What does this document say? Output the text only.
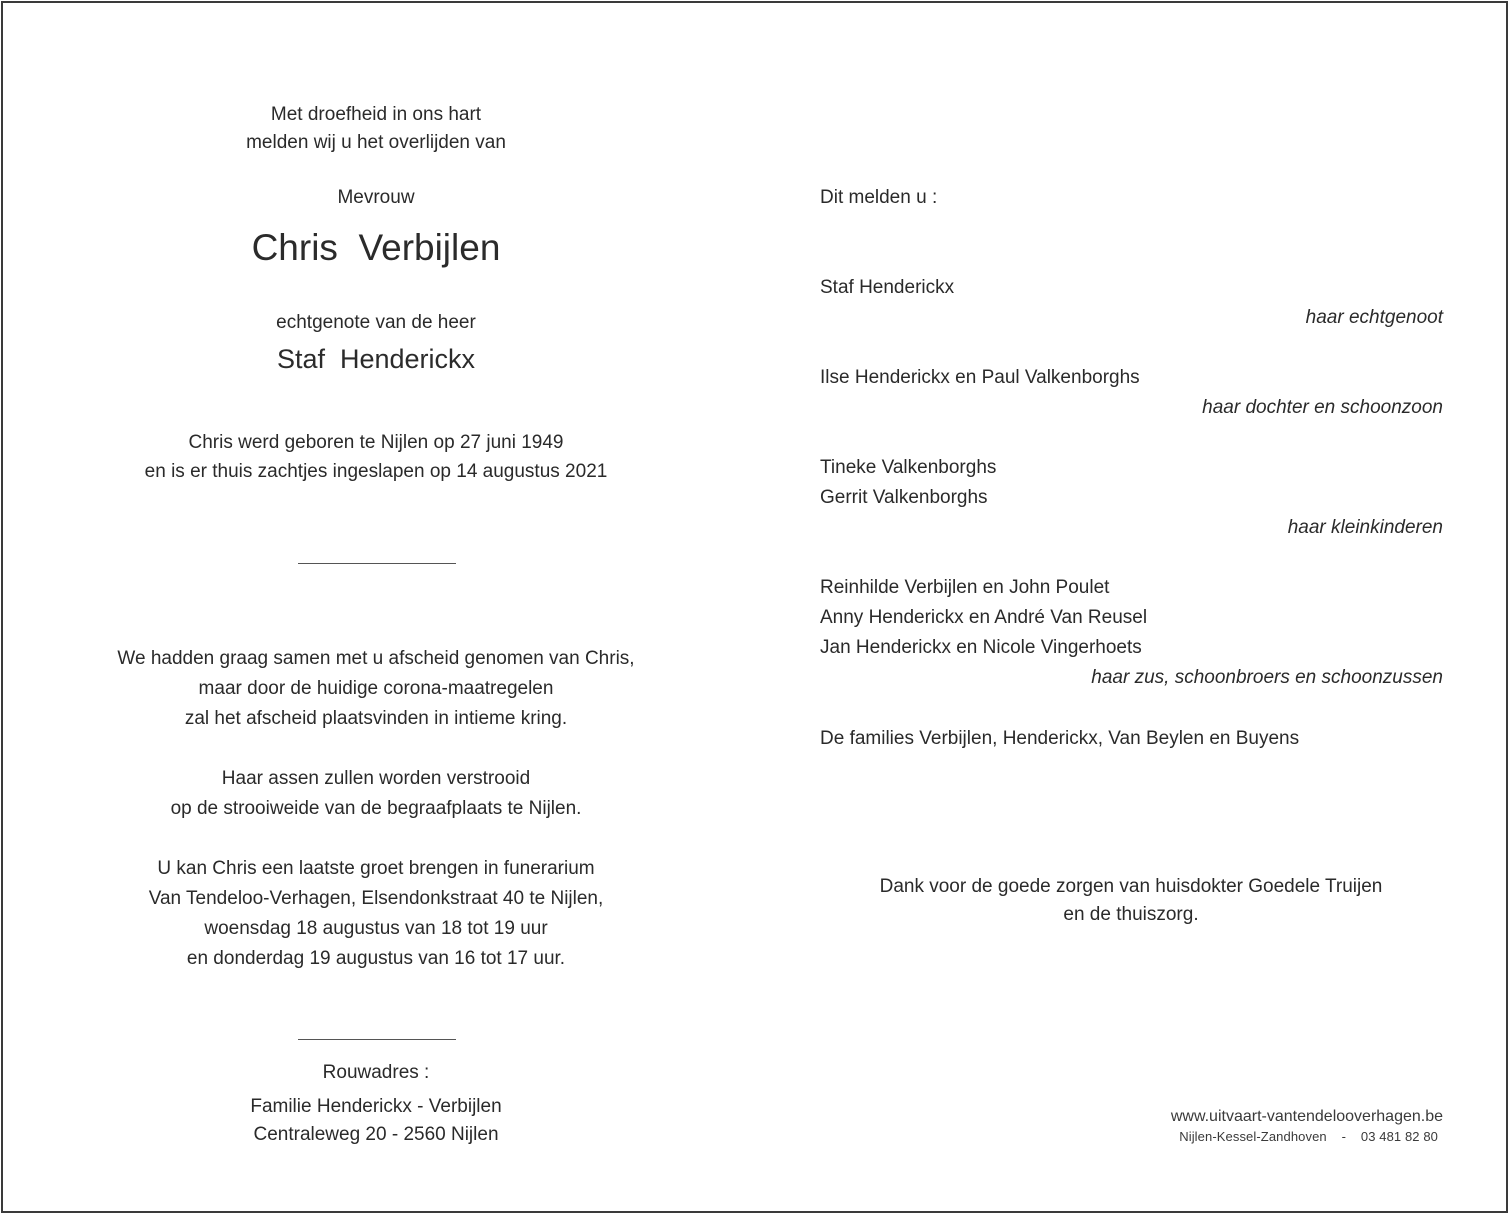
Met droefheid in ons hart
melden wij u het overlijden van
Mevrouw
Chris  Verbijlen
echtgenote van de heer
Staf  Henderickx
Chris werd geboren te Nijlen op 27 juni 1949
en is er thuis zachtjes ingeslapen op 14 augustus 2021
We hadden graag samen met u afscheid genomen van Chris,
maar door de huidige corona-maatregelen
zal het afscheid plaatsvinden in intieme kring.
Haar assen zullen worden verstrooid
op de strooiweide van de begraafplaats te Nijlen.
U kan Chris een laatste groet brengen in funerarium
Van Tendeloo-Verhagen, Elsendonkstraat 40 te Nijlen,
woensdag 18 augustus van 18 tot 19 uur
en donderdag 19 augustus van 16 tot 17 uur.
Rouwadres :
Familie Henderickx - Verbijlen
Centraleweg 20 - 2560 Nijlen
Dit melden u :
Staf Henderickx
haar echtgenoot
Ilse Henderickx en Paul Valkenborghs
haar dochter en schoonzoon
Tineke Valkenborghs
Gerrit Valkenborghs
haar kleinkinderen
Reinhilde Verbijlen en John Poulet
Anny Henderickx en André Van Reusel
Jan Henderickx en Nicole Vingerhoets
haar zus, schoonbroers en schoonzussen
De families Verbijlen, Henderickx, Van Beylen en Buyens
Dank voor de goede zorgen van huisdokter Goedele Truijen
en de thuiszorg.
www.uitvaart-vantendelooverhagen.be
Nijlen-Kessel-Zandhoven    -    03 481 82 80
